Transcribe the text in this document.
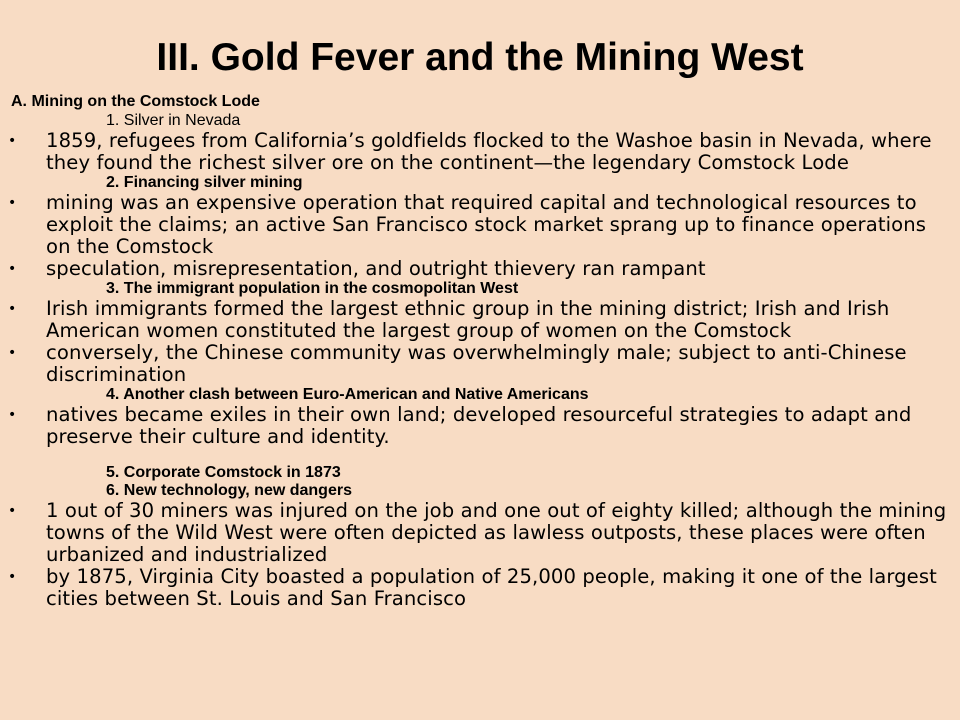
III. Gold Fever and the Mining West
A. Mining on the Comstock Lode
1. Silver in Nevada
• 1859, refugees from California’s goldfields flocked to the Washoe basin in Nevada, where they found the richest silver ore on the continent—the legendary Comstock Lode
2. Financing silver mining
• mining was an expensive operation that required capital and technological resources to exploit the claims; an active San Francisco stock market sprang up to finance operations on the Comstock
• speculation, misrepresentation, and outright thievery ran rampant
3. The immigrant population in the cosmopolitan West
• Irish immigrants formed the largest ethnic group in the mining district; Irish and Irish American women constituted the largest group of women on the Comstock
• conversely, the Chinese community was overwhelmingly male; subject to anti-Chinese discrimination
4. Another clash between Euro-American and Native Americans
• natives became exiles in their own land; developed resourceful strategies to adapt and preserve their culture and identity.
5. Corporate Comstock in 1873
6. New technology, new dangers
• 1 out of 30 miners was injured on the job and one out of eighty killed; although the mining towns of the Wild West were often depicted as lawless outposts, these places were often urbanized and industrialized
• by 1875, Virginia City boasted a population of 25,000 people, making it one of the largest cities between St. Louis and San Francisco
